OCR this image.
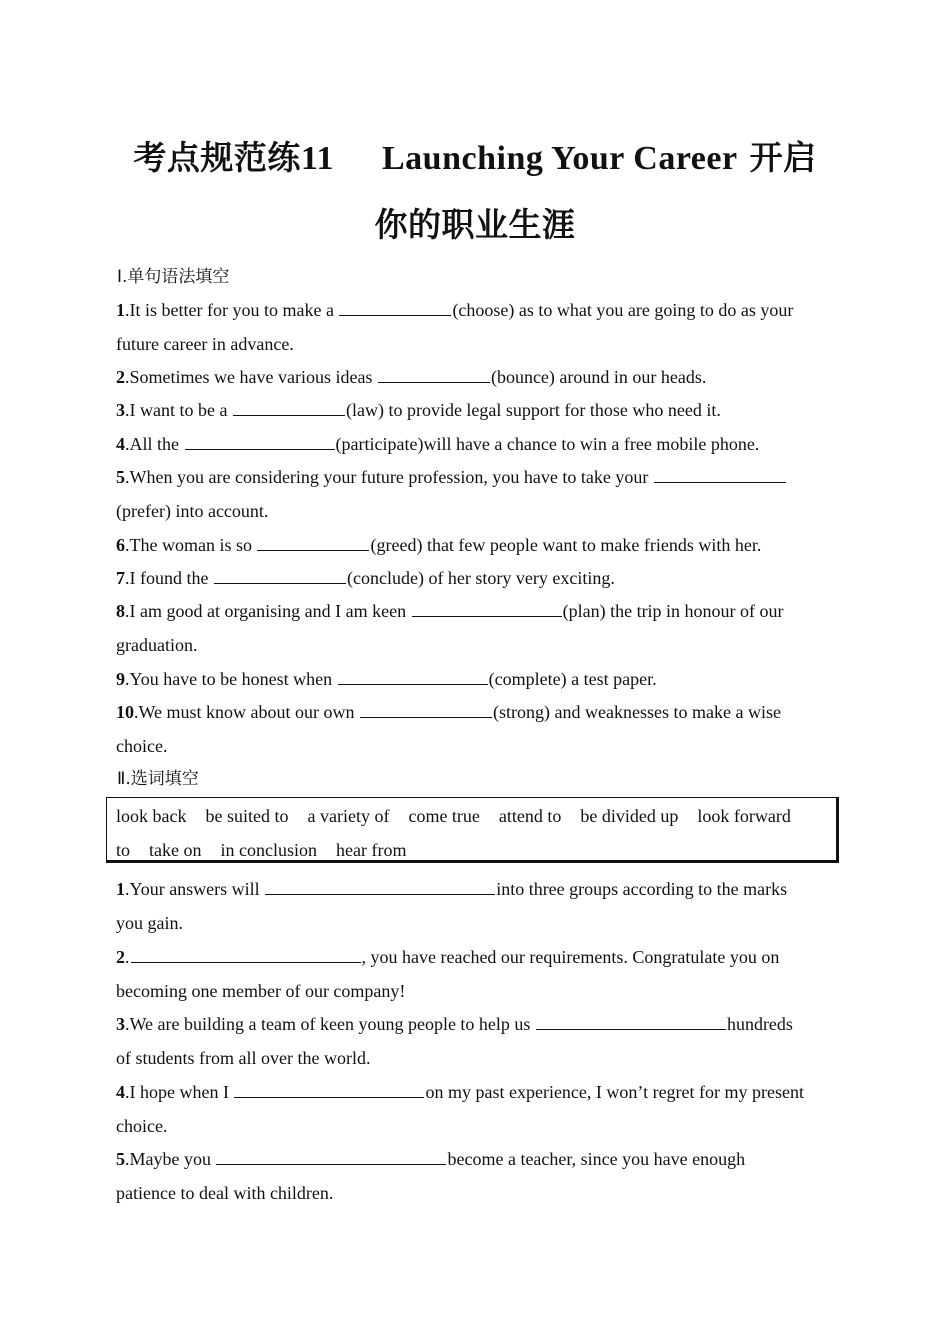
考点规范练11 Launching Your Career 开启
你的职业生涯
Ⅰ.单句语法填空
1.It is better for you to make a	(choose) as to what you are going to do as your
future career in advance.
2.Sometimes we have various ideas	(bounce) around in our heads.
3.I want to be a	(law) to provide legal support for those who need it.
4.All the	(participate)will have a chance to win a free mobile phone.
5.When you are considering your future profession, you have to take your
(prefer) into account.
6.The woman is so	(greed) that few people want to make friends with her.
7.I found the	(conclude) of her story very exciting.
8.I am good at organising and I am keen	(plan) the trip in honour of our
graduation.
9.You have to be honest when	(complete) a test paper.
10.We must know about our own	(strong) and weaknesses to make a wise
choice.
Ⅱ.选词填空
look back be suited to a variety of come true attend to be divided up look forward
to take on in conclusion hear from
1.Your answers will	into three groups according to the marks
you gain.
2.	, you have reached our requirements. Congratulate you on
becoming one member of our company!
3.We are building a team of keen young people to help us	hundreds
of students from all over the world.
4.I hope when I	on my past experience, I won’t regret for my present
choice.
5.Maybe you	become a teacher, since you have enough
patience to deal with children.
